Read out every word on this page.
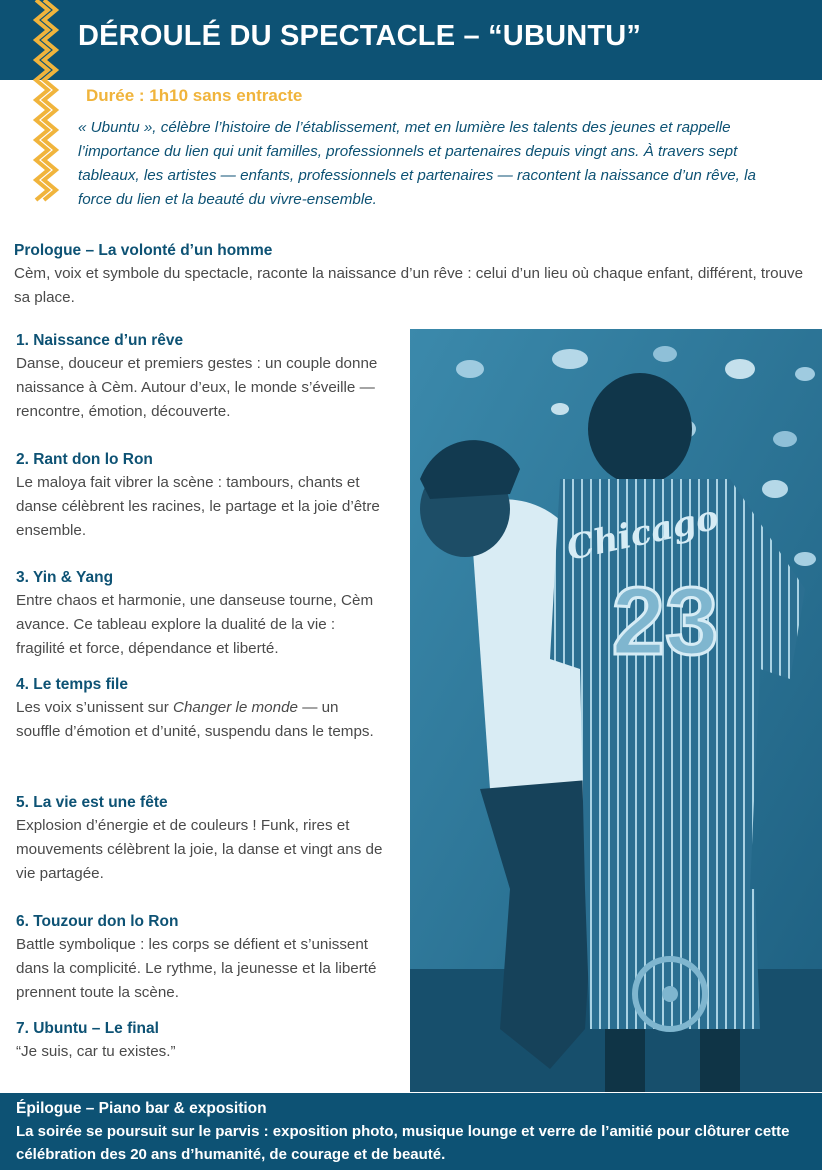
DÉROULÉ DU SPECTACLE – “UBUNTU”
Durée : 1h10 sans entracte
« Ubuntu », célèbre l’histoire de l’établissement, met en lumière les talents des jeunes et rappelle l’importance du lien qui unit familles, professionnels et partenaires depuis vingt ans. À travers sept tableaux, les artistes — enfants, professionnels et partenaires — racontent la naissance d’un rêve, la force du lien et la beauté du vivre-ensemble.
Prologue – La volonté d’un homme
Cèm, voix et symbole du spectacle, raconte la naissance d’un rêve : celui d’un lieu où chaque enfant, différent, trouve sa place.
1. Naissance d’un rêve
Danse, douceur et premiers gestes : un couple donne naissance à Cèm. Autour d’eux, le monde s’éveille — rencontre, émotion, découverte.
2. Rant don lo Ron
Le maloya fait vibrer la scène : tambours, chants et danse célèbrent les racines, le partage et la joie d’être ensemble.
3. Yin & Yang
Entre chaos et harmonie, une danseuse tourne, Cèm avance. Ce tableau explore la dualité de la vie : fragilité et force, dépendance et liberté.
4. Le temps file
Les voix s’unissent sur Changer le monde — un souffle d’émotion et d’unité, suspendu dans le temps.
5. La vie est une fête
Explosion d’énergie et de couleurs ! Funk, rires et mouvements célèbrent la joie, la danse et vingt ans de vie partagée.
6. Touzour don lo Ron
Battle symbolique : les corps se défient et s’unissent dans la complicité. Le rythme, la jeunesse et la liberté prennent toute la scène.
7. Ubuntu – Le final
“Je suis, car tu existes.”
Chicago
23
Épilogue – Piano bar & exposition
La soirée se poursuit sur le parvis : exposition photo, musique lounge et verre de l’amitié pour clôturer cette célébration des 20 ans d’humanité, de courage et de beauté.
